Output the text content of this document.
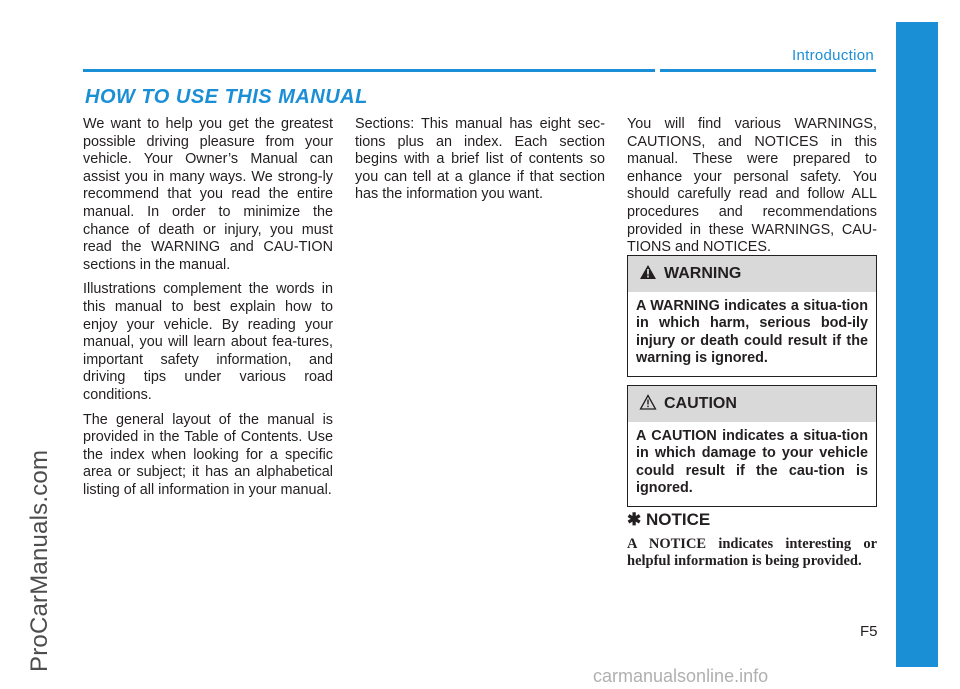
Introduction
HOW TO USE THIS MANUAL

We want to help you get the greatest possible driving pleasure from your vehicle. Your Owner’s Manual can assist you in many ways. We strong-ly recommend that you read the entire manual. In order to minimize the chance of death or injury, you must read the WARNING and CAU-TION sections in the manual.

Illustrations complement the words in this manual to best explain how to enjoy your vehicle. By reading your manual, you will learn about fea-tures, important safety information, and driving tips under various road conditions.

The general layout of the manual is provided in the Table of Contents. Use the index when looking for a specific area or subject; it has an alphabetical listing of all information in your manual.

Sections: This manual has eight sec-tions plus an index. Each section begins with a brief list of contents so you can tell at a glance if that section has the information you want.

You will find various WARNINGS, CAUTIONS, and NOTICES in this manual. These were prepared to enhance your personal safety. You should carefully read and follow ALL procedures and recommendations provided in these WARNINGS, CAU-TIONS and NOTICES.

WARNING
A WARNING indicates a situa-tion in which harm, serious bod-ily injury or death could result if the warning is ignored.
CAUTION
A CAUTION indicates a situa-tion in which damage to your vehicle could result if the cau-tion is ignored.
✱ NOTICE
A NOTICE indicates interesting or helpful information is being provided.
F5
ProCarManuals.com
carmanualsonline.info
